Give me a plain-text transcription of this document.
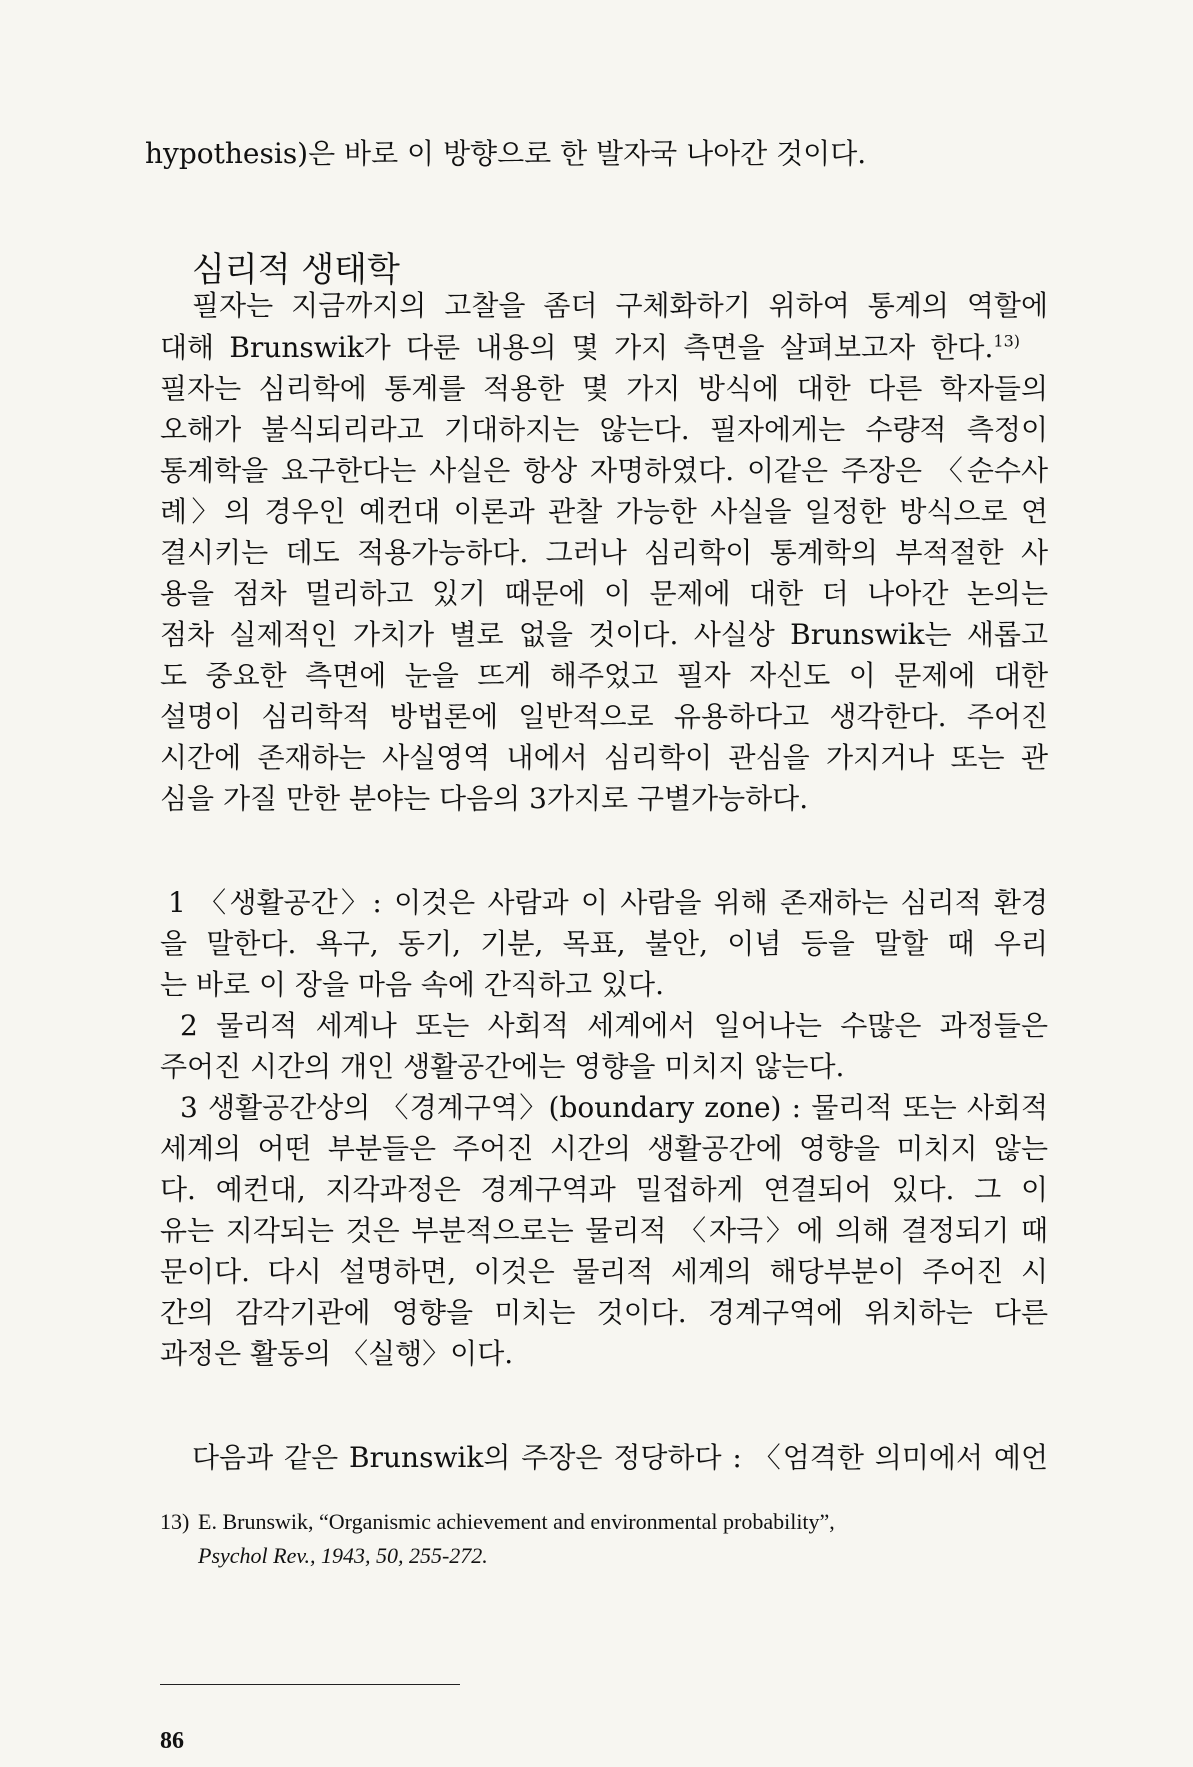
hypothesis)은 바로 이 방향으로 한 발자국 나아간 것이다.
심리적 생태학
필자는 지금까지의 고찰을 좀더 구체화하기 위하여 통계의 역할에
대해 Brunswik가 다룬 내용의 몇 가지 측면을 살펴보고자 한다.$^{13)}$
필자는 심리학에 통계를 적용한 몇 가지 방식에 대한 다른 학자들의
오해가 불식되리라고 기대하지는 않는다. 필자에게는 수량적 측정이
통계학을 요구한다는 사실은 항상 자명하였다. 이같은 주장은 〈순수사
례〉의 경우인 예컨대 이론과 관찰 가능한 사실을 일정한 방식으로 연
결시키는 데도 적용가능하다. 그러나 심리학이 통계학의 부적절한 사
용을 점차 멀리하고 있기 때문에 이 문제에 대한 더 나아간 논의는
점차 실제적인 가치가 별로 없을 것이다. 사실상 Brunswik는 새롭고
도 중요한 측면에 눈을 뜨게 해주었고 필자 자신도 이 문제에 대한
설명이 심리학적 방법론에 일반적으로 유용하다고 생각한다. 주어진
시간에 존재하는 사실영역 내에서 심리학이 관심을 가지거나 또는 관
심을 가질 만한 분야는 다음의 3가지로 구별가능하다.
1 〈생활공간〉: 이것은 사람과 이 사람을 위해 존재하는 심리적 환경
을 말한다. 욕구, 동기, 기분, 목표, 불안, 이념 등을 말할 때 우리
는 바로 이 장을 마음 속에 간직하고 있다.
2 물리적 세계나 또는 사회적 세계에서 일어나는 수많은 과정들은
주어진 시간의 개인 생활공간에는 영향을 미치지 않는다.
3 생활공간상의 〈경계구역〉(boundary zone) : 물리적 또는 사회적
세계의 어떤 부분들은 주어진 시간의 생활공간에 영향을 미치지 않는
다. 예컨대, 지각과정은 경계구역과 밀접하게 연결되어 있다. 그 이
유는 지각되는 것은 부분적으로는 물리적 〈자극〉에 의해 결정되기 때
문이다. 다시 설명하면, 이것은 물리적 세계의 해당부분이 주어진 시
간의 감각기관에 영향을 미치는 것이다. 경계구역에 위치하는 다른
과정은 활동의 〈실행〉이다.
다음과 같은 Brunswik의 주장은 정당하다 : 〈엄격한 의미에서 예언
13) E. Brunswik, “Organismic achievement and environmental probability”,
Psychol Rev., 1943, 50, 255-272.
86
